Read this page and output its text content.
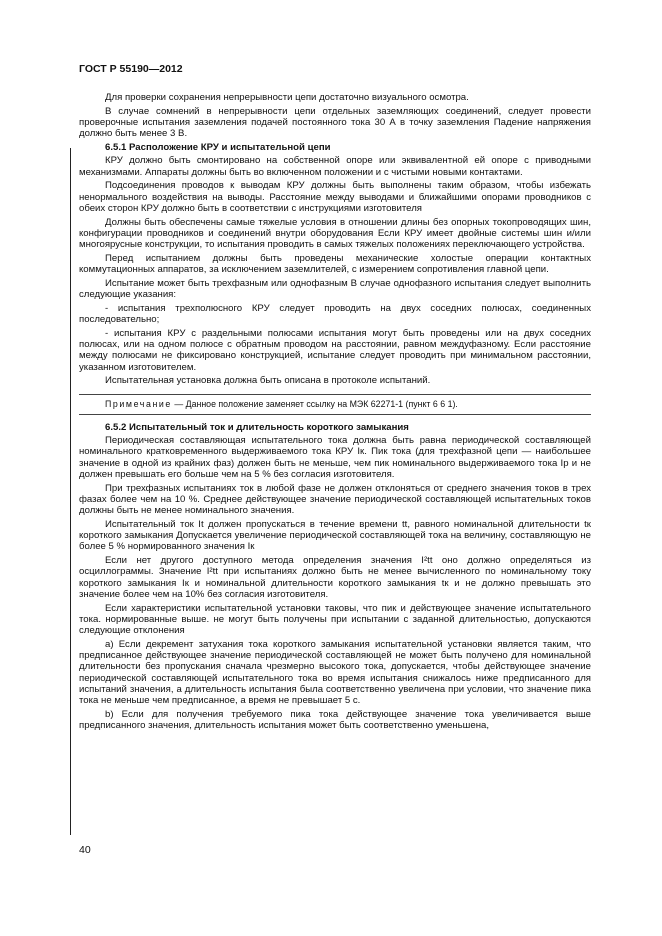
ГОСТ Р 55190—2012

Для проверки сохранения непрерывности цепи достаточно визуального осмотра.

В случае сомнений в непрерывности цепи отдельных заземляющих соединений, следует провести проверочные испытания заземления подачей постоянного тока 30 А в точку заземления Падение напряжения должно быть менее 3 В.

6.5.1 Расположение КРУ и испытательной цепи

КРУ должно быть смонтировано на собственной опоре или эквивалентной ей опоре с приводными механизмами. Аппараты должны быть во включенном положении и с чистыми новыми контактами.

Подсоединения проводов к выводам КРУ должны быть выполнены таким образом, чтобы избежать ненормального воздействия на выводы. Расстояние между выводами и ближайшими опорами проводников с обеих сторон КРУ должно быть в соответствии с инструкциями изготовителя

Должны быть обеспечены самые тяжелые условия в отношении длины без опорных токопроводящих шин, конфигурации проводников и соединений внутри оборудования Если КРУ имеет двойные системы шин и/или многоярусные конструкции, то испытания проводить в самых тяжелых положениях переключающего устройства.

Перед испытанием должны быть проведены механические холостые операции контактных коммутационных аппаратов, за исключением заземлителей, с измерением сопротивления главной цепи.

Испытание может быть трехфазным или однофазным В случае однофазного испытания следует выполнить следующие указания:

- испытания трехполюсного КРУ следует проводить на двух соседних полюсах, соединенных последовательно;

- испытания КРУ с раздельными полюсами испытания могут быть проведены или на двух соседних полюсах, или на одном полюсе с обратным проводом на расстоянии, равном междуфазному. Если расстояние между полюсами не фиксировано конструкцией, испытание следует проводить при минимальном расстоянии, указанном изготовителем.

Испытательная установка должна быть описана в протоколе испытаний.

Примечание — Данное положение заменяет ссылку на МЭК 62271-1 (пункт 6 6 1).
6.5.2 Испытательный ток и длительность короткого замыкания

Периодическая составляющая испытательного тока должна быть равна периодической составляющей номинального кратковременного выдерживаемого тока КРУ Iк. Пик тока (для трехфазной цепи — наибольшее значение в одной из крайних фаз) должен быть не меньше, чем пик номинального выдерживаемого тока Iр и не должен превышать его больше чем на 5 % без согласия изготовителя.

При трехфазных испытаниях ток в любой фазе не должен отклоняться от среднего значения токов в трех фазах более чем на 10 %. Среднее действующее значение периодической составляющей испытательных токов должны быть не менее номинального значения.

Испытательный ток It должен пропускаться в течение времени tt, равного номинальной длительности tк короткого замыкания Допускается увеличение периодической составляющей тока на величину, составляющую не более 5 % нормированного значения Iк

Если нет другого доступного метода определения значения I²tt оно должно определяться из осциллограммы. Значение I²tt при испытаниях должно быть не менее вычисленного по номинальному току короткого замыкания Iк и номинальной длительности короткого замыкания tк и не должно превышать это значение более чем на 10% без согласия изготовителя.

Если характеристики испытательной установки таковы, что пик и действующее значение испытательного тока. нормированные выше. не могут быть получены при испытании с заданной длительностью, допускаются следующие отклонения

а) Если декремент затухания тока короткого замыкания испытательной установки является таким, что предписанное действующее значение периодической составляющей не может быть получено для номинальной длительности без пропускания сначала чрезмерно высокого тока, допускается, чтобы действующее значение периодической составляющей испытательного тока во время испытания снижалось ниже предписанного для испытаний значения, а длительность испытания была соответственно увеличена при условии, что значение пика тока не меньше чем предписанное, а время не превышает 5 с.

b) Если для получения требуемого пика тока действующее значение тока увеличивается выше предписанного значения, длительность испытания может быть соответственно уменьшена,

40
